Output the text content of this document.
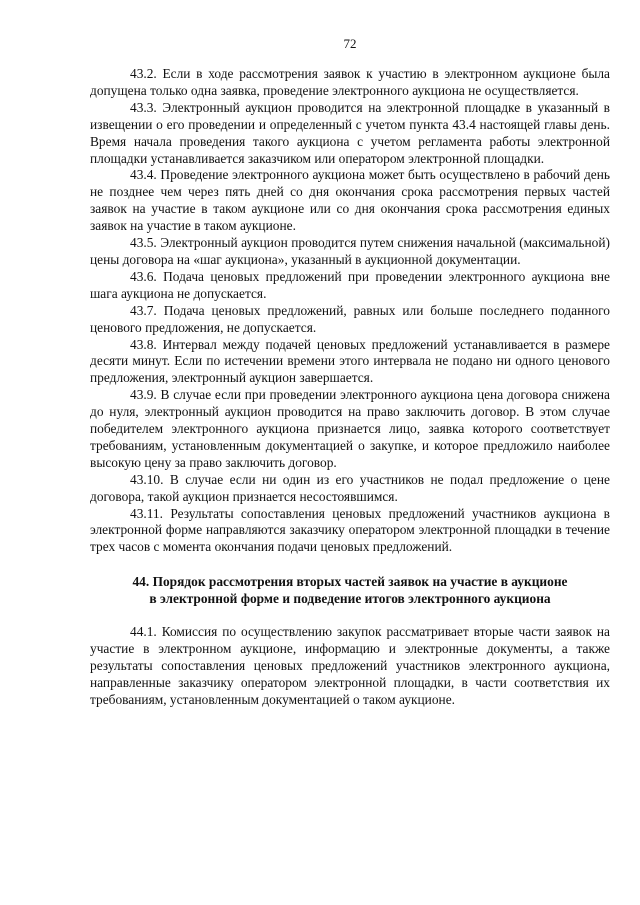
72

43.2. Если в ходе рассмотрения заявок к участию в электронном аукционе была допущена только одна заявка, проведение электронного аукциона не осуществляется.

43.3. Электронный аукцион проводится на электронной площадке в указанный в извещении о его проведении и определенный с учетом пункта 43.4 настоящей главы день. Время начала проведения такого аукциона с учетом регламента работы электронной площадки устанавливается заказчиком или оператором электронной площадки.

43.4. Проведение электронного аукциона может быть осуществлено в рабочий день не позднее чем через пять дней со дня окончания срока рассмотрения первых частей заявок на участие в таком аукционе или со дня окончания срока рассмотрения единых заявок на участие в таком аукционе.

43.5. Электронный аукцион проводится путем снижения начальной (максимальной) цены договора на «шаг аукциона», указанный в аукционной документации.

43.6. Подача ценовых предложений при проведении электронного аукциона вне шага аукциона не допускается.

43.7. Подача ценовых предложений, равных или больше последнего поданного ценового предложения, не допускается.

43.8. Интервал между подачей ценовых предложений устанавливается в размере десяти минут. Если по истечении времени этого интервала не подано ни одного ценового предложения, электронный аукцион завершается.

43.9. В случае если при проведении электронного аукциона цена договора снижена до нуля, электронный аукцион проводится на право заключить договор. В этом случае победителем электронного аукциона признается лицо, заявка которого соответствует требованиям, установленным документацией о закупке, и которое предложило наиболее высокую цену за право заключить договор.

43.10. В случае если ни один из его участников не подал предложение о цене договора, такой аукцион признается несостоявшимся.

43.11. Результаты сопоставления ценовых предложений участников аукциона в электронной форме направляются заказчику оператором электронной площадки в течение трех часов с момента окончания подачи ценовых предложений.

44. Порядок рассмотрения вторых частей заявок на участие в аукционе
в электронной форме и подведение итогов электронного аукциона

44.1. Комиссия по осуществлению закупок рассматривает вторые части заявок на участие в электронном аукционе, информацию и электронные документы, а также результаты сопоставления ценовых предложений участников электронного аукциона, направленные заказчику оператором электронной площадки, в части соответствия их требованиям, установленным документацией о таком аукционе.
